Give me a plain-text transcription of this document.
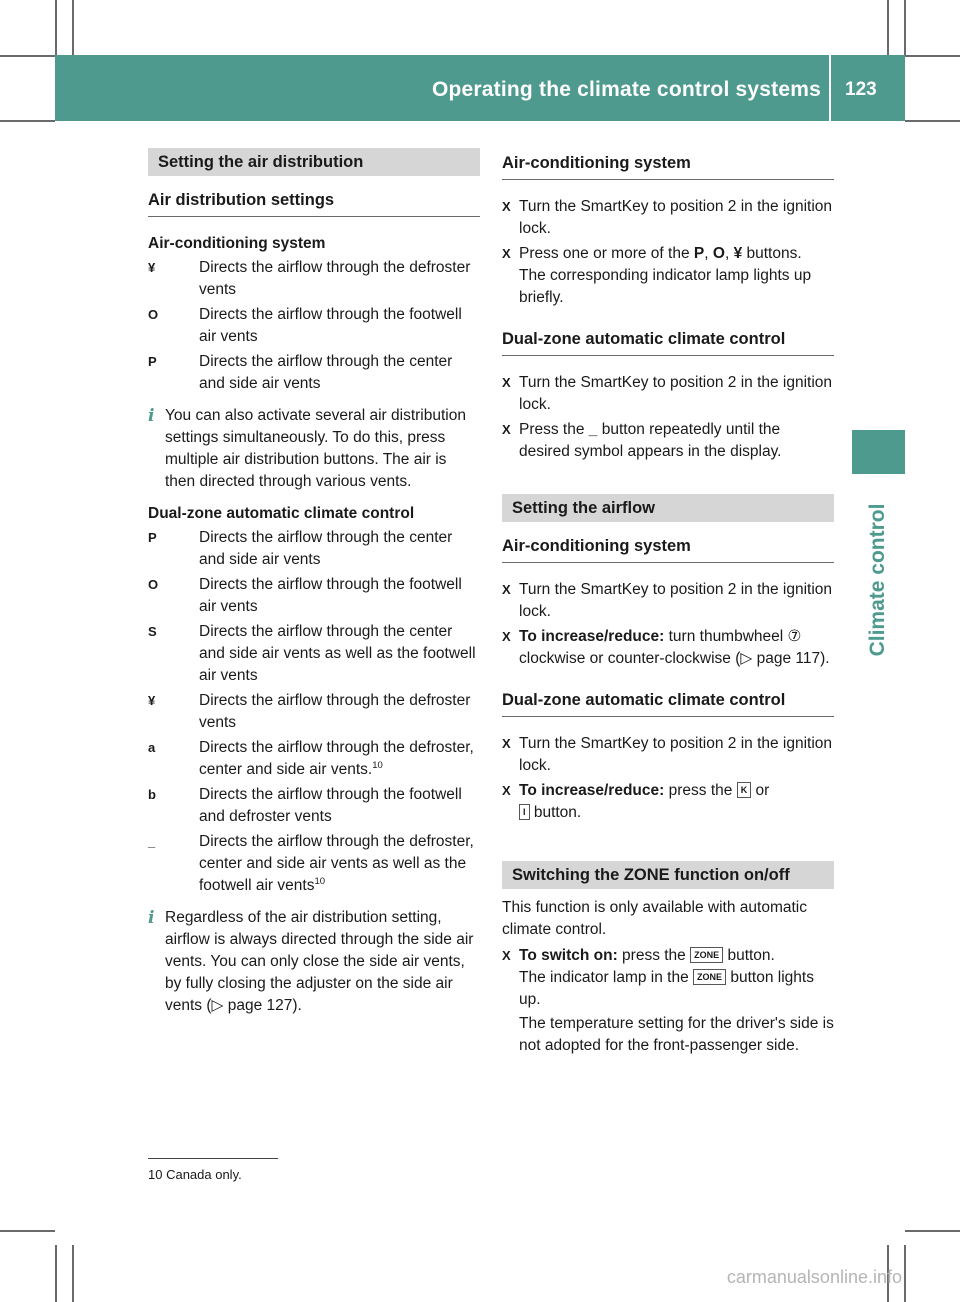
Operating the climate control systems 123
Climate control
Setting the air distribution
Air distribution settings
Air-conditioning system
¥	Directs the airflow through the defroster vents
O	Directs the airflow through the footwell air vents
P	Directs the airflow through the center and side air vents
i You can also activate several air distribution settings simultaneously. To do this, press multiple air distribution buttons. The air is then directed through various vents.
Dual-zone automatic climate control
P	Directs the airflow through the center and side air vents
O	Directs the airflow through the footwell air vents
S	Directs the airflow through the center and side air vents as well as the footwell air vents
¥	Directs the airflow through the defroster vents
a	Directs the airflow through the defroster, center and side air vents.$^{10}$
b	Directs the airflow through the footwell and defroster vents
_	Directs the airflow through the defroster, center and side air vents as well as the footwell air vents$^{10}$
i Regardless of the air distribution setting, airflow is always directed through the side air vents. You can only close the side air vents, by fully closing the adjuster on the side air vents (▷ page 127).
Air-conditioning system
X Turn the SmartKey to position 2 in the ignition lock.
X Press one or more of the P, O, ¥ buttons.
The corresponding indicator lamp lights up briefly.
Dual-zone automatic climate control
X Turn the SmartKey to position 2 in the ignition lock.
X Press the _ button repeatedly until the desired symbol appears in the display.
Setting the airflow
Air-conditioning system
X Turn the SmartKey to position 2 in the ignition lock.
X To increase/reduce: turn thumbwheel ⑦ clockwise or counter-clockwise (▷ page 117).
Dual-zone automatic climate control
X Turn the SmartKey to position 2 in the ignition lock.
X To increase/reduce: press the K or
I button.
Switching the ZONE function on/off
This function is only available with automatic climate control.
X To switch on: press the ZONE button.
The indicator lamp in the ZONE button lights up.
The temperature setting for the driver's side is not adopted for the front-passenger side.
10 Canada only.
carmanualsonline.info
